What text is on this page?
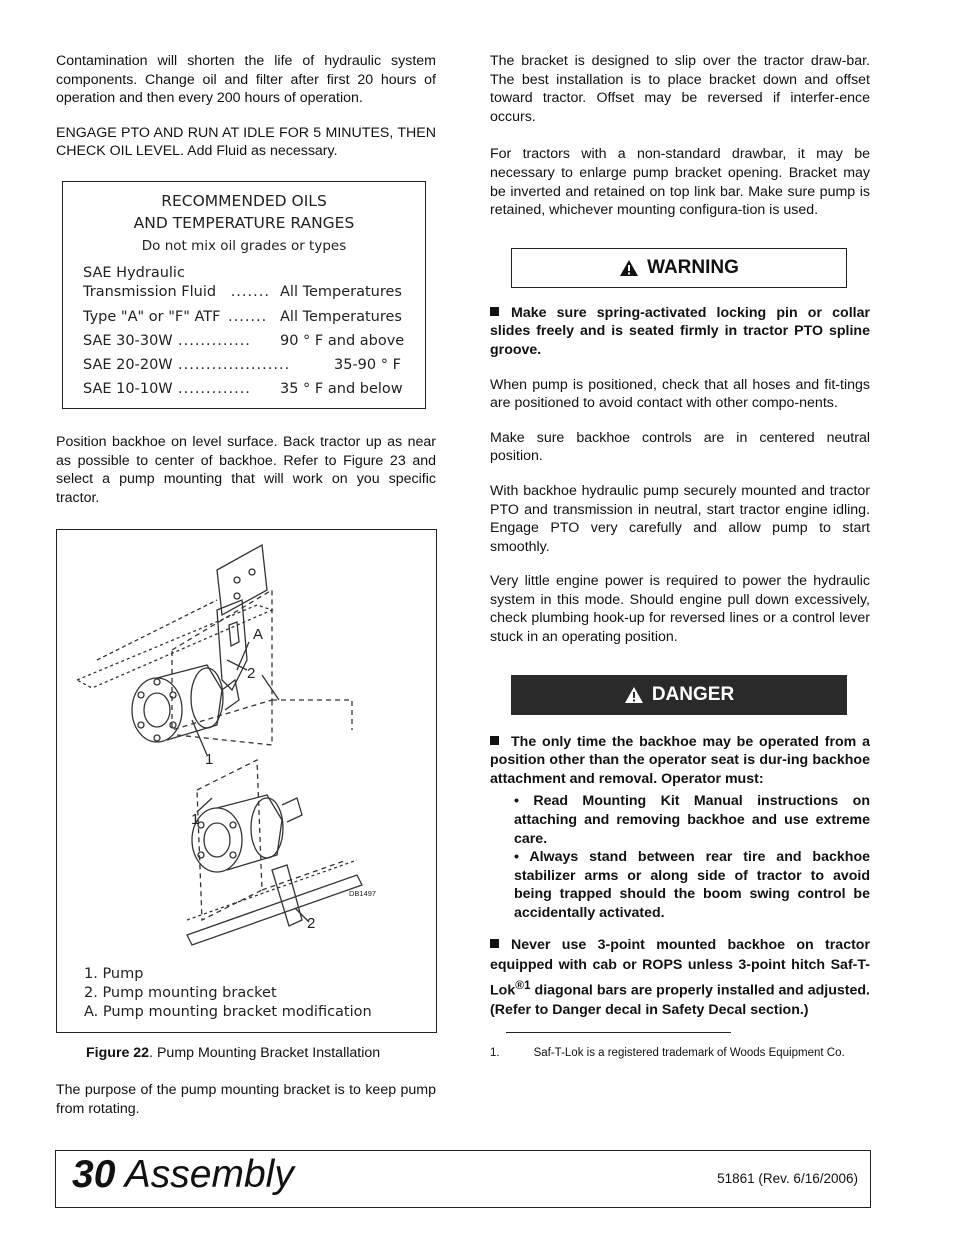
Contamination will shorten the life of hydraulic system components. Change oil and filter after first 20 hours of operation and then every 200 hours of operation.

ENGAGE PTO AND RUN AT IDLE FOR 5 MINUTES, THEN CHECK OIL LEVEL. Add Fluid as necessary.

RECOMMENDED OILS
AND TEMPERATURE RANGES
Do not mix oil grades or types
SAE Hydraulic
Transmission Fluid ....... All Temperatures
Type "A" or "F" ATF ....... All Temperatures
SAE 30-30W ............. 90 ° F and above
SAE 20-20W ....................	35-90 ° F
SAE 10-10W ............. 35 ° F and below

Position backhoe on level surface. Back tractor up as near as possible to center of backhoe. Refer to Figure 23 and select a pump mounting that will work on you specific tractor.

A
2
1
1
2
DB1497
1. Pump
2. Pump mounting bracket
A. Pump mounting bracket modification
Figure 22. Pump Mounting Bracket Installation

The purpose of the pump mounting bracket is to keep pump from rotating.

The bracket is designed to slip over the tractor draw-bar. The best installation is to place bracket down and offset toward tractor. Offset may be reversed if interfer-ence occurs.

For tractors with a non-standard drawbar, it may be necessary to enlarge pump bracket opening. Bracket may be inverted and retained on top link bar. Make sure pump is retained, whichever mounting configura-tion is used.

WARNING
Make sure spring-activated locking pin or collar slides freely and is seated firmly in tractor PTO spline groove.

When pump is positioned, check that all hoses and fit-tings are positioned to avoid contact with other compo-nents.

Make sure backhoe controls are in centered neutral position.

With backhoe hydraulic pump securely mounted and tractor PTO and transmission in neutral, start tractor engine idling. Engage PTO very carefully and allow pump to start smoothly.

Very little engine power is required to power the hydraulic system in this mode. Should engine pull down excessively, check plumbing hook-up for reversed lines or a control lever stuck in an operating position.

DANGER
The only time the backhoe may be operated from a position other than the operator seat is dur-ing backhoe attachment and removal. Operator must:
• Read Mounting Kit Manual instructions on attaching and removing backhoe and use extreme care.
• Always stand between rear tire and backhoe stabilizer arms or along side of tractor to avoid being trapped should the boom swing control be accidentally activated.
Never use 3-point mounted backhoe on tractor equipped with cab or ROPS unless 3-point hitch Saf-T-Lok$^{®1}$ diagonal bars are properly installed and adjusted. (Refer to Danger decal in Safety Decal section.)
1.	Saf-T-Lok is a registered trademark of Woods Equipment Co.
30 Assembly	51861 (Rev. 6/16/2006)
